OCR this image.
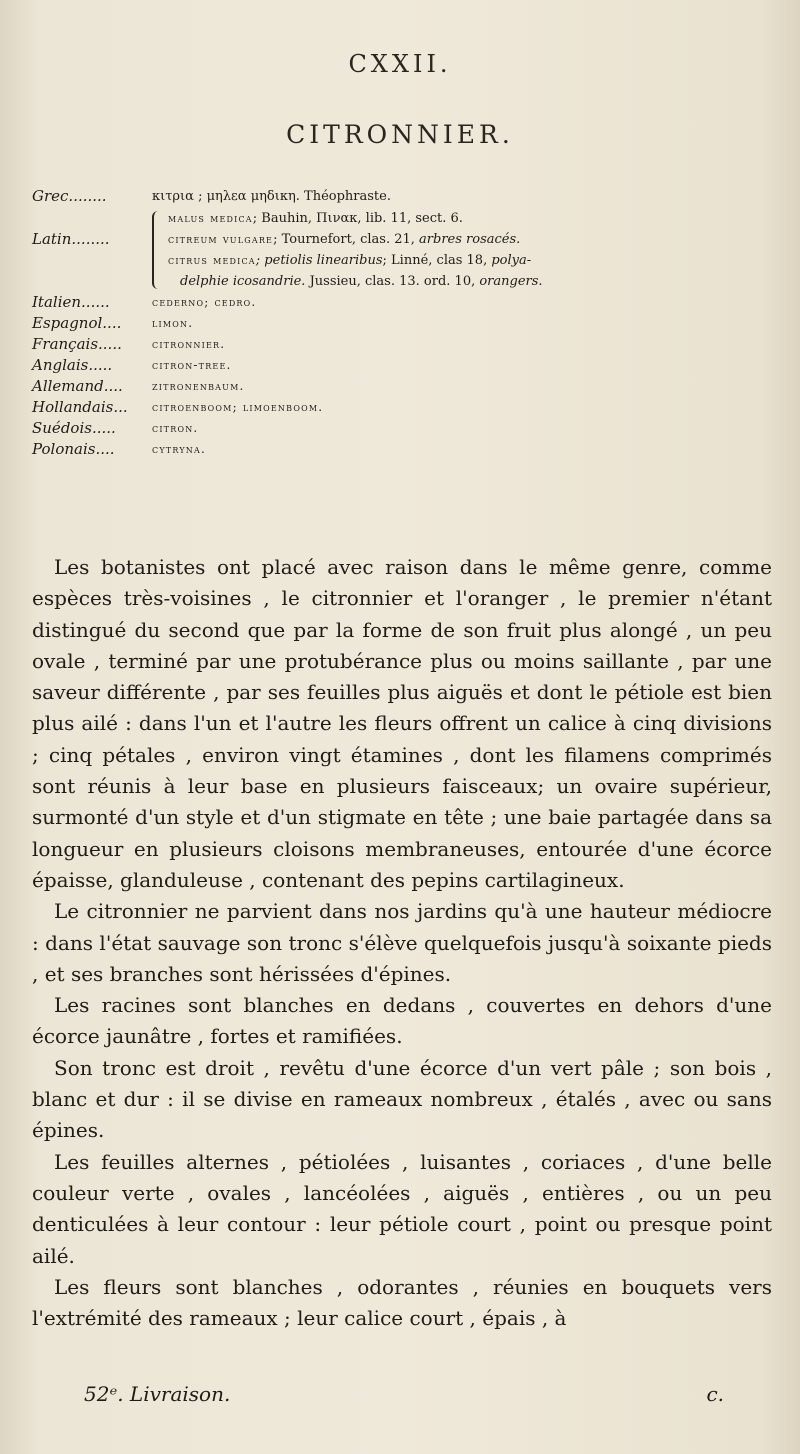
CXXII.
CITRONNIER.
Grec........	κιτρια ; μηλεα μηδικη. Théophraste.
Latin........
malus medica; Bauhin, Πινακ, lib. 11, sect. 6.
citreum vulgare; Tournefort, clas. 21, arbres rosacés.
citrus medica; petiolis linearibus; Linné, clas 18, polya-
delphie icosandrie. Jussieu, clas. 13. ord. 10, orangers.
Italien......	cederno; cedro.
Espagnol....	limon.
Français.....	citronnier.
Anglais.....	citron-tree.
Allemand....	zitronenbaum.
Hollandais...	citroenboom; limoenboom.
Suédois.....	citron.
Polonais....	cytryna.

Les botanistes ont placé avec raison dans le même genre, comme espèces très-voisines , le citronnier et l'oranger , le premier n'étant distingué du second que par la forme de son fruit plus alongé , un peu ovale , terminé par une protubérance plus ou moins saillante , par une saveur différente , par ses feuilles plus aiguës et dont le pétiole est bien plus ailé : dans l'un et l'autre les fleurs offrent un calice à cinq divisions ; cinq pétales , environ vingt étamines , dont les filamens comprimés sont réunis à leur base en plusieurs faisceaux; un ovaire supérieur, surmonté d'un style et d'un stigmate en tête ; une baie partagée dans sa longueur en plusieurs cloisons membraneuses, entourée d'une écorce épaisse, glanduleuse , contenant des pepins cartilagineux.

Le citronnier ne parvient dans nos jardins qu'à une hauteur médiocre : dans l'état sauvage son tronc s'élève quelquefois jusqu'à soixante pieds , et ses branches sont hérissées d'épines.

Les racines sont blanches en dedans , couvertes en dehors d'une écorce jaunâtre , fortes et ramifiées.

Son tronc est droit , revêtu d'une écorce d'un vert pâle ; son bois , blanc et dur : il se divise en rameaux nombreux , étalés , avec ou sans épines.

Les feuilles alternes , pétiolées , luisantes , coriaces , d'une belle couleur verte , ovales , lancéolées , aiguës , entières , ou un peu denticulées à leur contour : leur pétiole court , point ou presque point ailé.

Les fleurs sont blanches , odorantes , réunies en bouquets vers l'extrémité des rameaux ; leur calice court , épais , à

52ᵉ. Livraison.	c.
